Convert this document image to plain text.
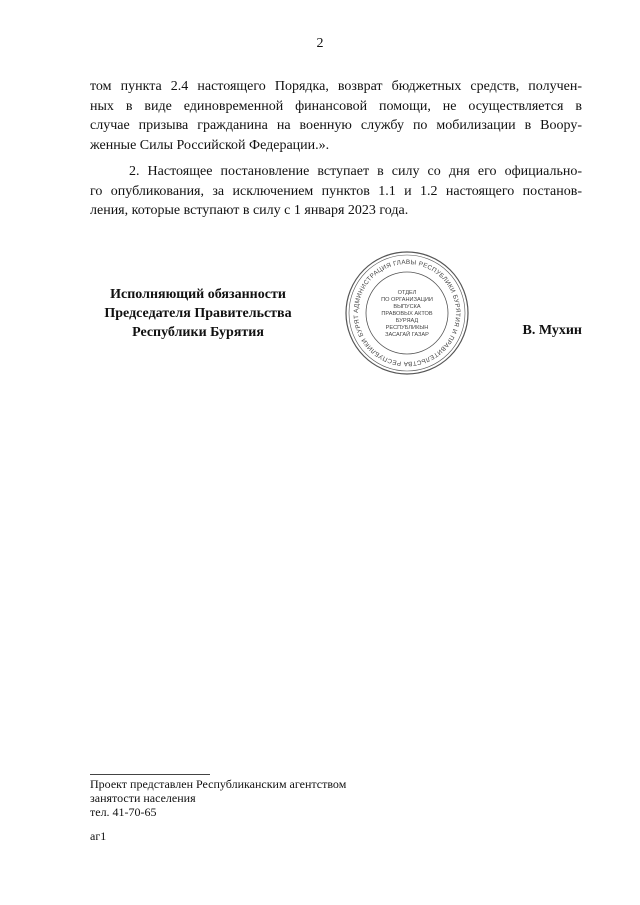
2

том пункта 2.4 настоящего Порядка, возврат бюджетных средств, получен-
ных в виде единовременной финансовой помощи, не осуществляется в
случае призыва гражданина на военную службу по мобилизации в Воору-
женные Силы Российской Федерации.».

2. Настоящее постановление вступает в силу со дня его официально-
го опубликования, за исключением пунктов 1.1 и 1.2 настоящего постанов-
ления, которые вступают в силу с 1 января 2023 года.

Исполняющий обязанности
Председателя Правительства
Республики Бурятия
АДМИНИСТРАЦИЯ ГЛАВЫ РЕСПУБЛИКИ БУРЯТИЯ И ПРАВИТЕЛЬСТВА РЕСПУБЛИКИ БУРЯТ
ОТДЕЛ
ПО ОРГАНИЗАЦИИ
ВЫПУСКА
ПРАВОВЫХ АКТОВ
БУРЯАД
РЕСПУБЛИКЫН
ЗАСАГАЙ ГАЗАР	В. Мухин
Проект представлен Республиканским агентством
занятости населения
тел. 41-70-65
аг1
